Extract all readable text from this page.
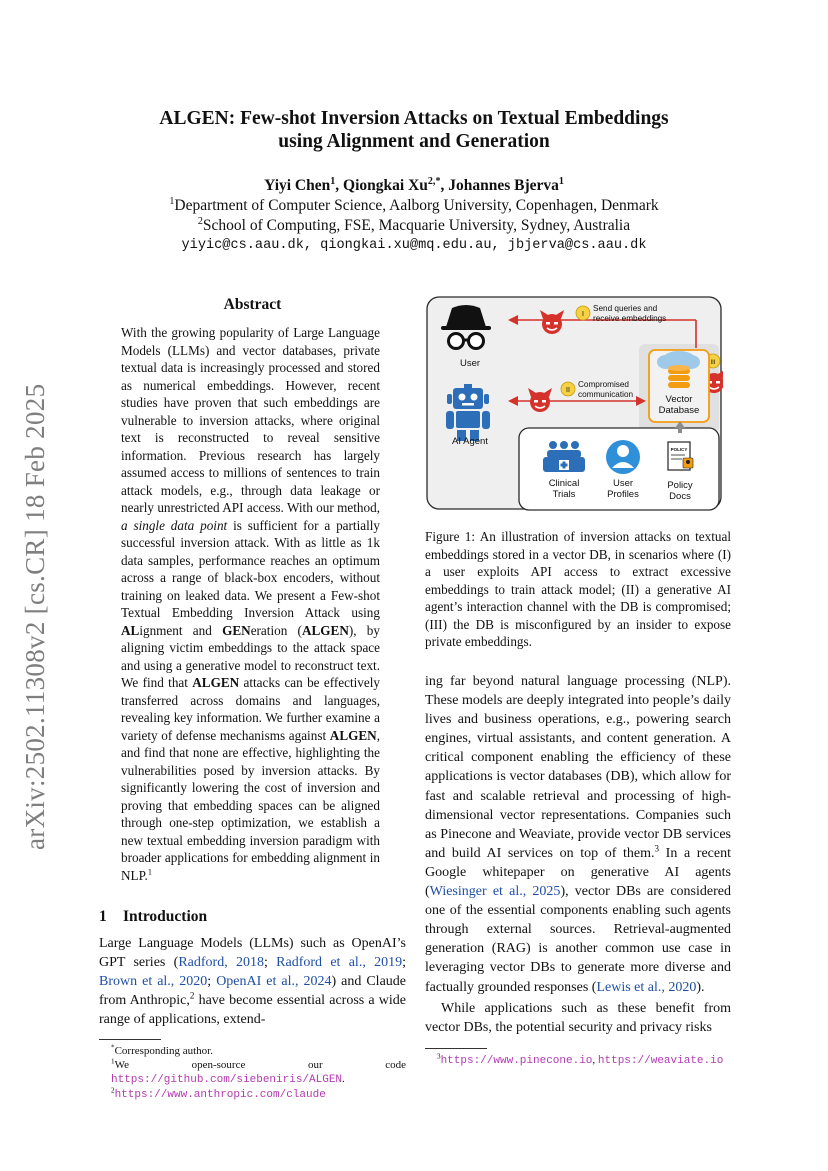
arXiv:2502.11308v2 [cs.CR] 18 Feb 2025
ALGEN: Few-shot Inversion Attacks on Textual Embeddings
using Alignment and Generation
Yiyi Chen$^1$, Qiongkai $Xu^{2,*}$, Johannes Bjerva$^1$
$^1$Department of Computer Science, Aalborg University, Copenhagen, Denmark
$^2$School of Computing, FSE, Macquarie University, Sydney, Australia
yiyic@cs.aau.dk, qiongkai.xu@mq.edu.au, jbjerva@cs.aau.dk
Abstract

With the growing popularity of Large Language Models (LLMs) and vector databases, private textual data is increasingly processed and stored as numerical embeddings. However, recent studies have proven that such embeddings are vulnerable to inversion attacks, where original text is reconstructed to reveal sensitive information. Previous research has largely assumed access to millions of sentences to train attack models, e.g., through data leakage or nearly unrestricted API access. With our method, a single data point is sufficient for a partially successful inversion attack. With as little as 1k data samples, performance reaches an optimum across a range of black-box encoders, without training on leaked data. We present a Few-shot Textual Embedding Inversion Attack using ALignment and GENeration (ALGEN), by aligning victim embeddings to the attack space and using a generative model to reconstruct text. We find that ALGEN attacks can be effectively transferred across domains and languages, revealing key information. We further examine a variety of defense mechanisms against ALGEN, and find that none are effective, highlighting the vulnerabilities posed by inversion attacks. By significantly lowering the cost of inversion and proving that embedding spaces can be aligned through one-step optimization, we establish a new textual embedding inversion paradigm with broader applications for embedding alignment in NLP.$^1$

1 Introduction

Large Language Models (LLMs) such as OpenAI’s GPT series (Radford, 2018; Radford et al., 2019; Brown et al., 2020; OpenAI et al., 2024) and Claude from Anthropic,$^2$ have become essential across a wide range of applications, extend-

*Corresponding author.

$^1$We open-source our code https://github.com/siebeniris/ALGEN.

$^2$https://www.anthropic.com/claude

User
AI Agent
I
Send queries and
receive embeddings
II
Compromised
communication
III
Vector
Database
Clinical
Trials
User
Profiles
POLICY
Policy
Docs
Figure 1: An illustration of inversion attacks on textual embeddings stored in a vector DB, in scenarios where (I) a user exploits API access to extract excessive embeddings to train attack model; (II) a generative AI agent’s interaction channel with the DB is compromised; (III) the DB is misconfigured by an insider to expose private embeddings.

ing far beyond natural language processing (NLP). These models are deeply integrated into people’s daily lives and business operations, e.g., powering search engines, virtual assistants, and content generation. A critical component enabling the efficiency of these applications is vector databases (DB), which allow for fast and scalable retrieval and processing of high-dimensional vector representations. Companies such as Pinecone and Weaviate, provide vector DB services and build AI services on top of them.$^3$ In a recent Google whitepaper on generative AI agents (Wiesinger et al., 2025), vector DBs are considered one of the essential components enabling such agents through external sources. Retrieval-augmented generation (RAG) is another common use case in leveraging vector DBs to generate more diverse and factually grounded responses (Lewis et al., 2020).

While applications such as these benefit from vector DBs, the potential security and privacy risks

$^3$https://www.pinecone.io, https://weaviate.io
